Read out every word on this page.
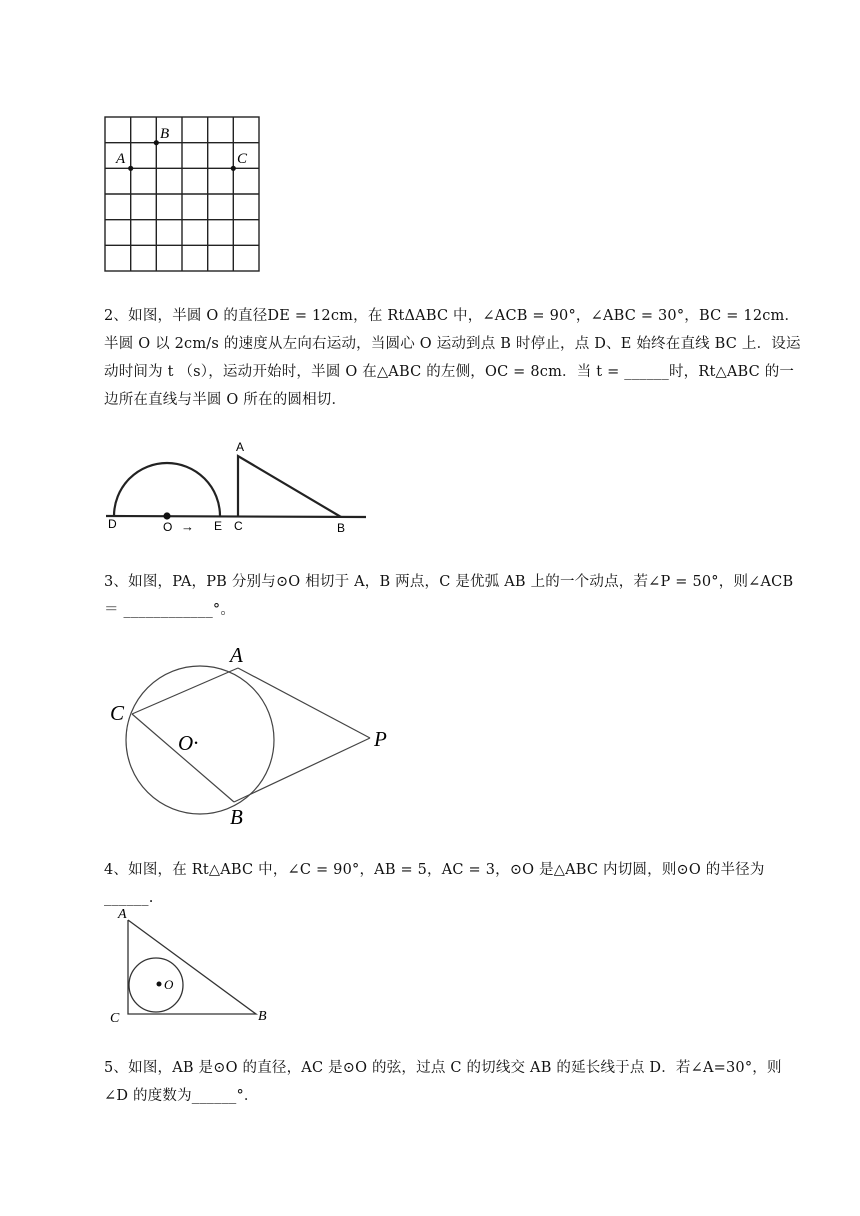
A
B
C
2、如图，半圆 O 的直径DE = 12cm，在 RtΔABC 中，∠ACB = 90°，∠ABC = 30°，BC = 12cm．半圆 O 以 2cm/s 的速度从左向右运动，当圆心 O 运动到点 B 时停止，点 D、E 始终在直线 BC 上．设运动时间为 t （s），运动开始时，半圆 O 在△ABC 的左侧，OC = 8cm．当 t = ______时，Rt△ABC 的一边所在直线与半圆 O 所在的圆相切．
D	O → E C	B
A
3、如图，PA，PB 分别与⊙O 相切于 A，B 两点，C 是优弧 AB 上的一个动点，若∠P = 50°，则∠ACB ＝ ____________°。
A
C
O·	P
B
4、如图，在 Rt△ABC 中，∠C = 90°，AB = 5，AC = 3，⊙O 是△ABC 内切圆，则⊙O 的半径为______.
O
A
C	B
5、如图，AB 是⊙O 的直径，AC 是⊙O 的弦，过点 C 的切线交 AB 的延长线于点 D．若∠A=30°，则∠D 的度数为______°．
